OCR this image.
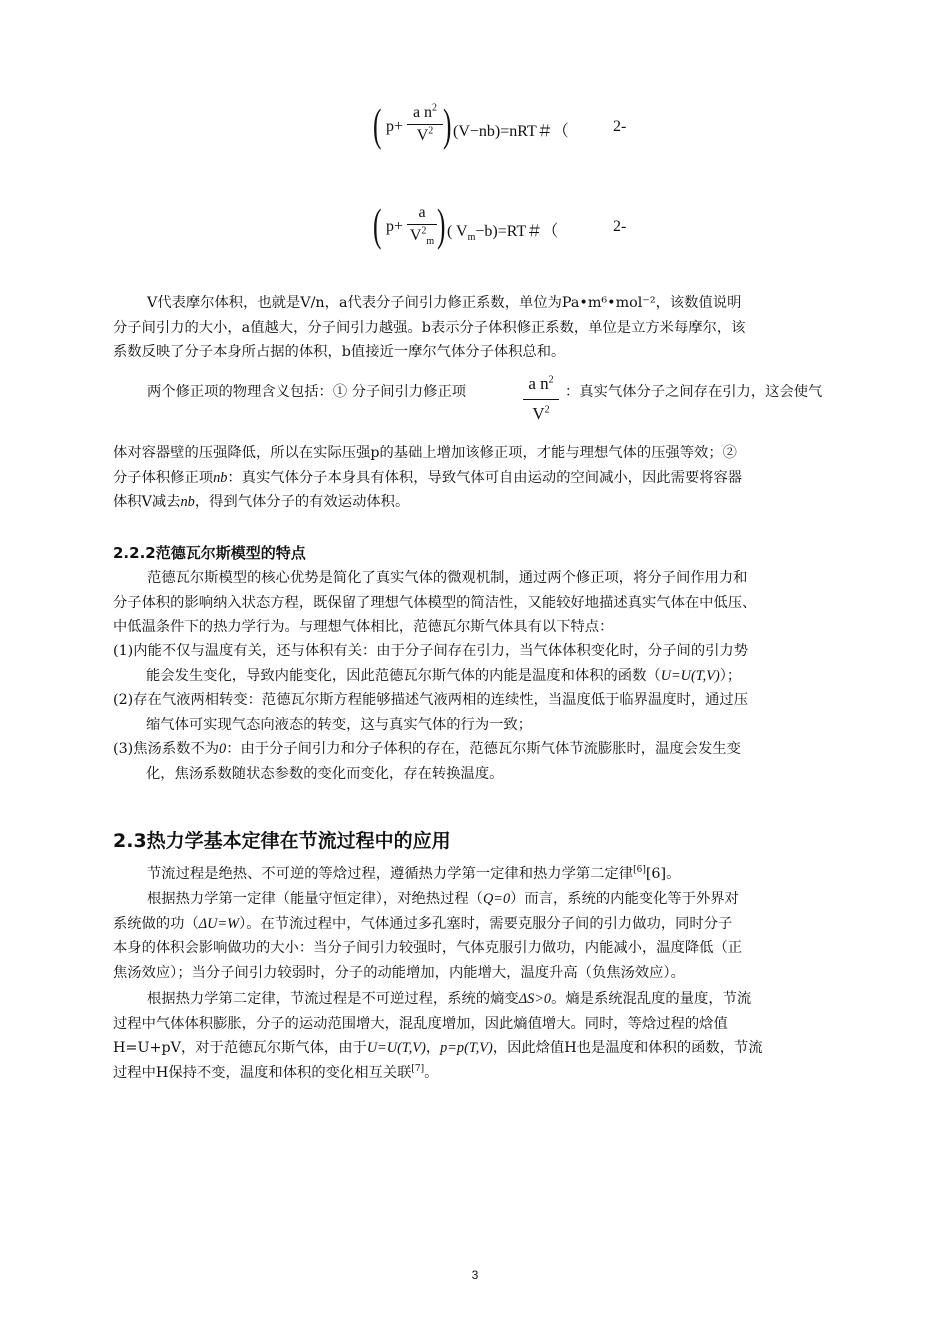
( $p+ \frac{a n^2}{V^2}$ ) (V−nb)=nRT＃（	2-
( $p+ \frac{a}{V^2_m}$ ) ( $V_m-b)=RT$＃（	2-
V代表摩尔体积，也就是V/n，a代表分子间引力修正系数，单位为Pa•m⁶•mol⁻²，该数值说明
分子间引力的大小，a值越大，分子间引力越强。b表示分子体积修正系数，单位是立方米每摩尔，该
系数反映了分子本身所占据的体积，b值接近一摩尔气体分子体积总和。
两个修正项的物理含义包括：① 分子间引力修正项	$\frac{a n^2}{V^2}$ ：真实气体分子之间存在引力，这会使气
体对容器壁的压强降低，所以在实际压强p的基础上增加该修正项，才能与理想气体的压强等效；②
分子体积修正项nb：真实气体分子本身具有体积，导致气体可自由运动的空间减小，因此需要将容器
体积V减去nb，得到气体分子的有效运动体积。
2.2.2范德瓦尔斯模型的特点
范德瓦尔斯模型的核心优势是简化了真实气体的微观机制，通过两个修正项，将分子间作用力和
分子体积的影响纳入状态方程，既保留了理想气体模型的简洁性，又能较好地描述真实气体在中低压、
中低温条件下的热力学行为。与理想气体相比，范德瓦尔斯气体具有以下特点：
(1)内能不仅与温度有关，还与体积有关：由于分子间存在引力，当气体体积变化时，分子间的引力势
能会发生变化，导致内能变化，因此范德瓦尔斯气体的内能是温度和体积的函数（U=U(T,V)）；
(2)存在气液两相转变：范德瓦尔斯方程能够描述气液两相的连续性，当温度低于临界温度时，通过压
缩气体可实现气态向液态的转变，这与真实气体的行为一致；
(3)焦汤系数不为0：由于分子间引力和分子体积的存在，范德瓦尔斯气体节流膨胀时，温度会发生变
化，焦汤系数随状态参数的变化而变化，存在转换温度。
2.3热力学基本定律在节流过程中的应用
节流过程是绝热、不可逆的等焓过程，遵循热力学第一定律和热力学第二定律[6][6]。
根据热力学第一定律（能量守恒定律），对绝热过程（Q=0）而言，系统的内能变化等于外界对
系统做的功（ΔU=W）。在节流过程中，气体通过多孔塞时，需要克服分子间的引力做功，同时分子
本身的体积会影响做功的大小：当分子间引力较强时，气体克服引力做功，内能减小，温度降低（正
焦汤效应）；当分子间引力较弱时，分子的动能增加，内能增大，温度升高（负焦汤效应）。
根据热力学第二定律，节流过程是不可逆过程，系统的熵变ΔS>0。熵是系统混乱度的量度，节流
过程中气体体积膨胀，分子的运动范围增大，混乱度增加，因此熵值增大。同时，等焓过程的焓值
H=U+pV，对于范德瓦尔斯气体，由于U=U(T,V)，p=p(T,V)，因此焓值H也是温度和体积的函数，节流
过程中H保持不变，温度和体积的变化相互关联[7]。
3
